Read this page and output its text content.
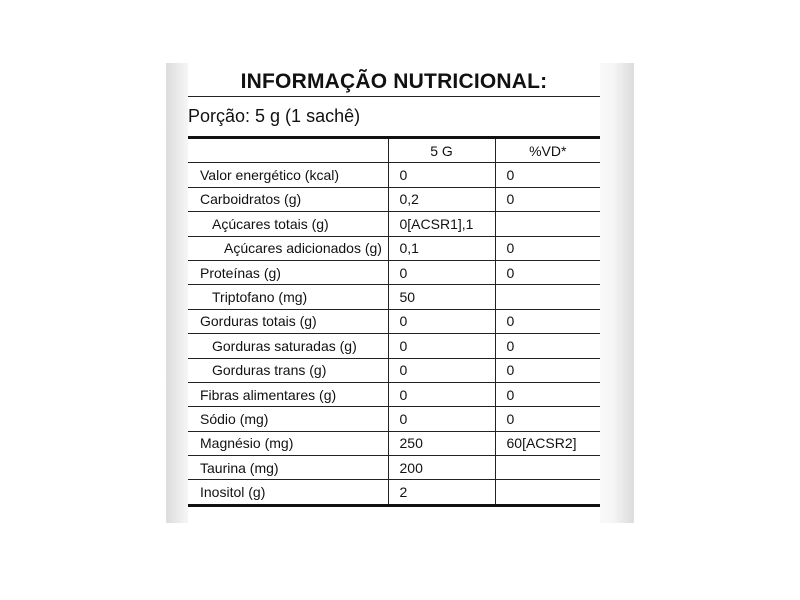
INFORMAÇÃO NUTRICIONAL:
Porção: 5 g (1 sachê)
	5 G	%VD*
Valor energético (kcal)	0	0
Carboidratos (g)	0,2	0
Açúcares totais (g)	0[ACSR1],1	
Açúcares adicionados (g)	0,1	0
Proteínas (g)	0	0
Triptofano (mg)	50	
Gorduras totais (g)	0	0
Gorduras saturadas (g)	0	0
Gorduras trans (g)	0	0
Fibras alimentares (g)	0	0
Sódio (mg)	0	0
Magnésio (mg)	250	60[ACSR2]
Taurina (mg)	200	
Inositol (g)	2	
